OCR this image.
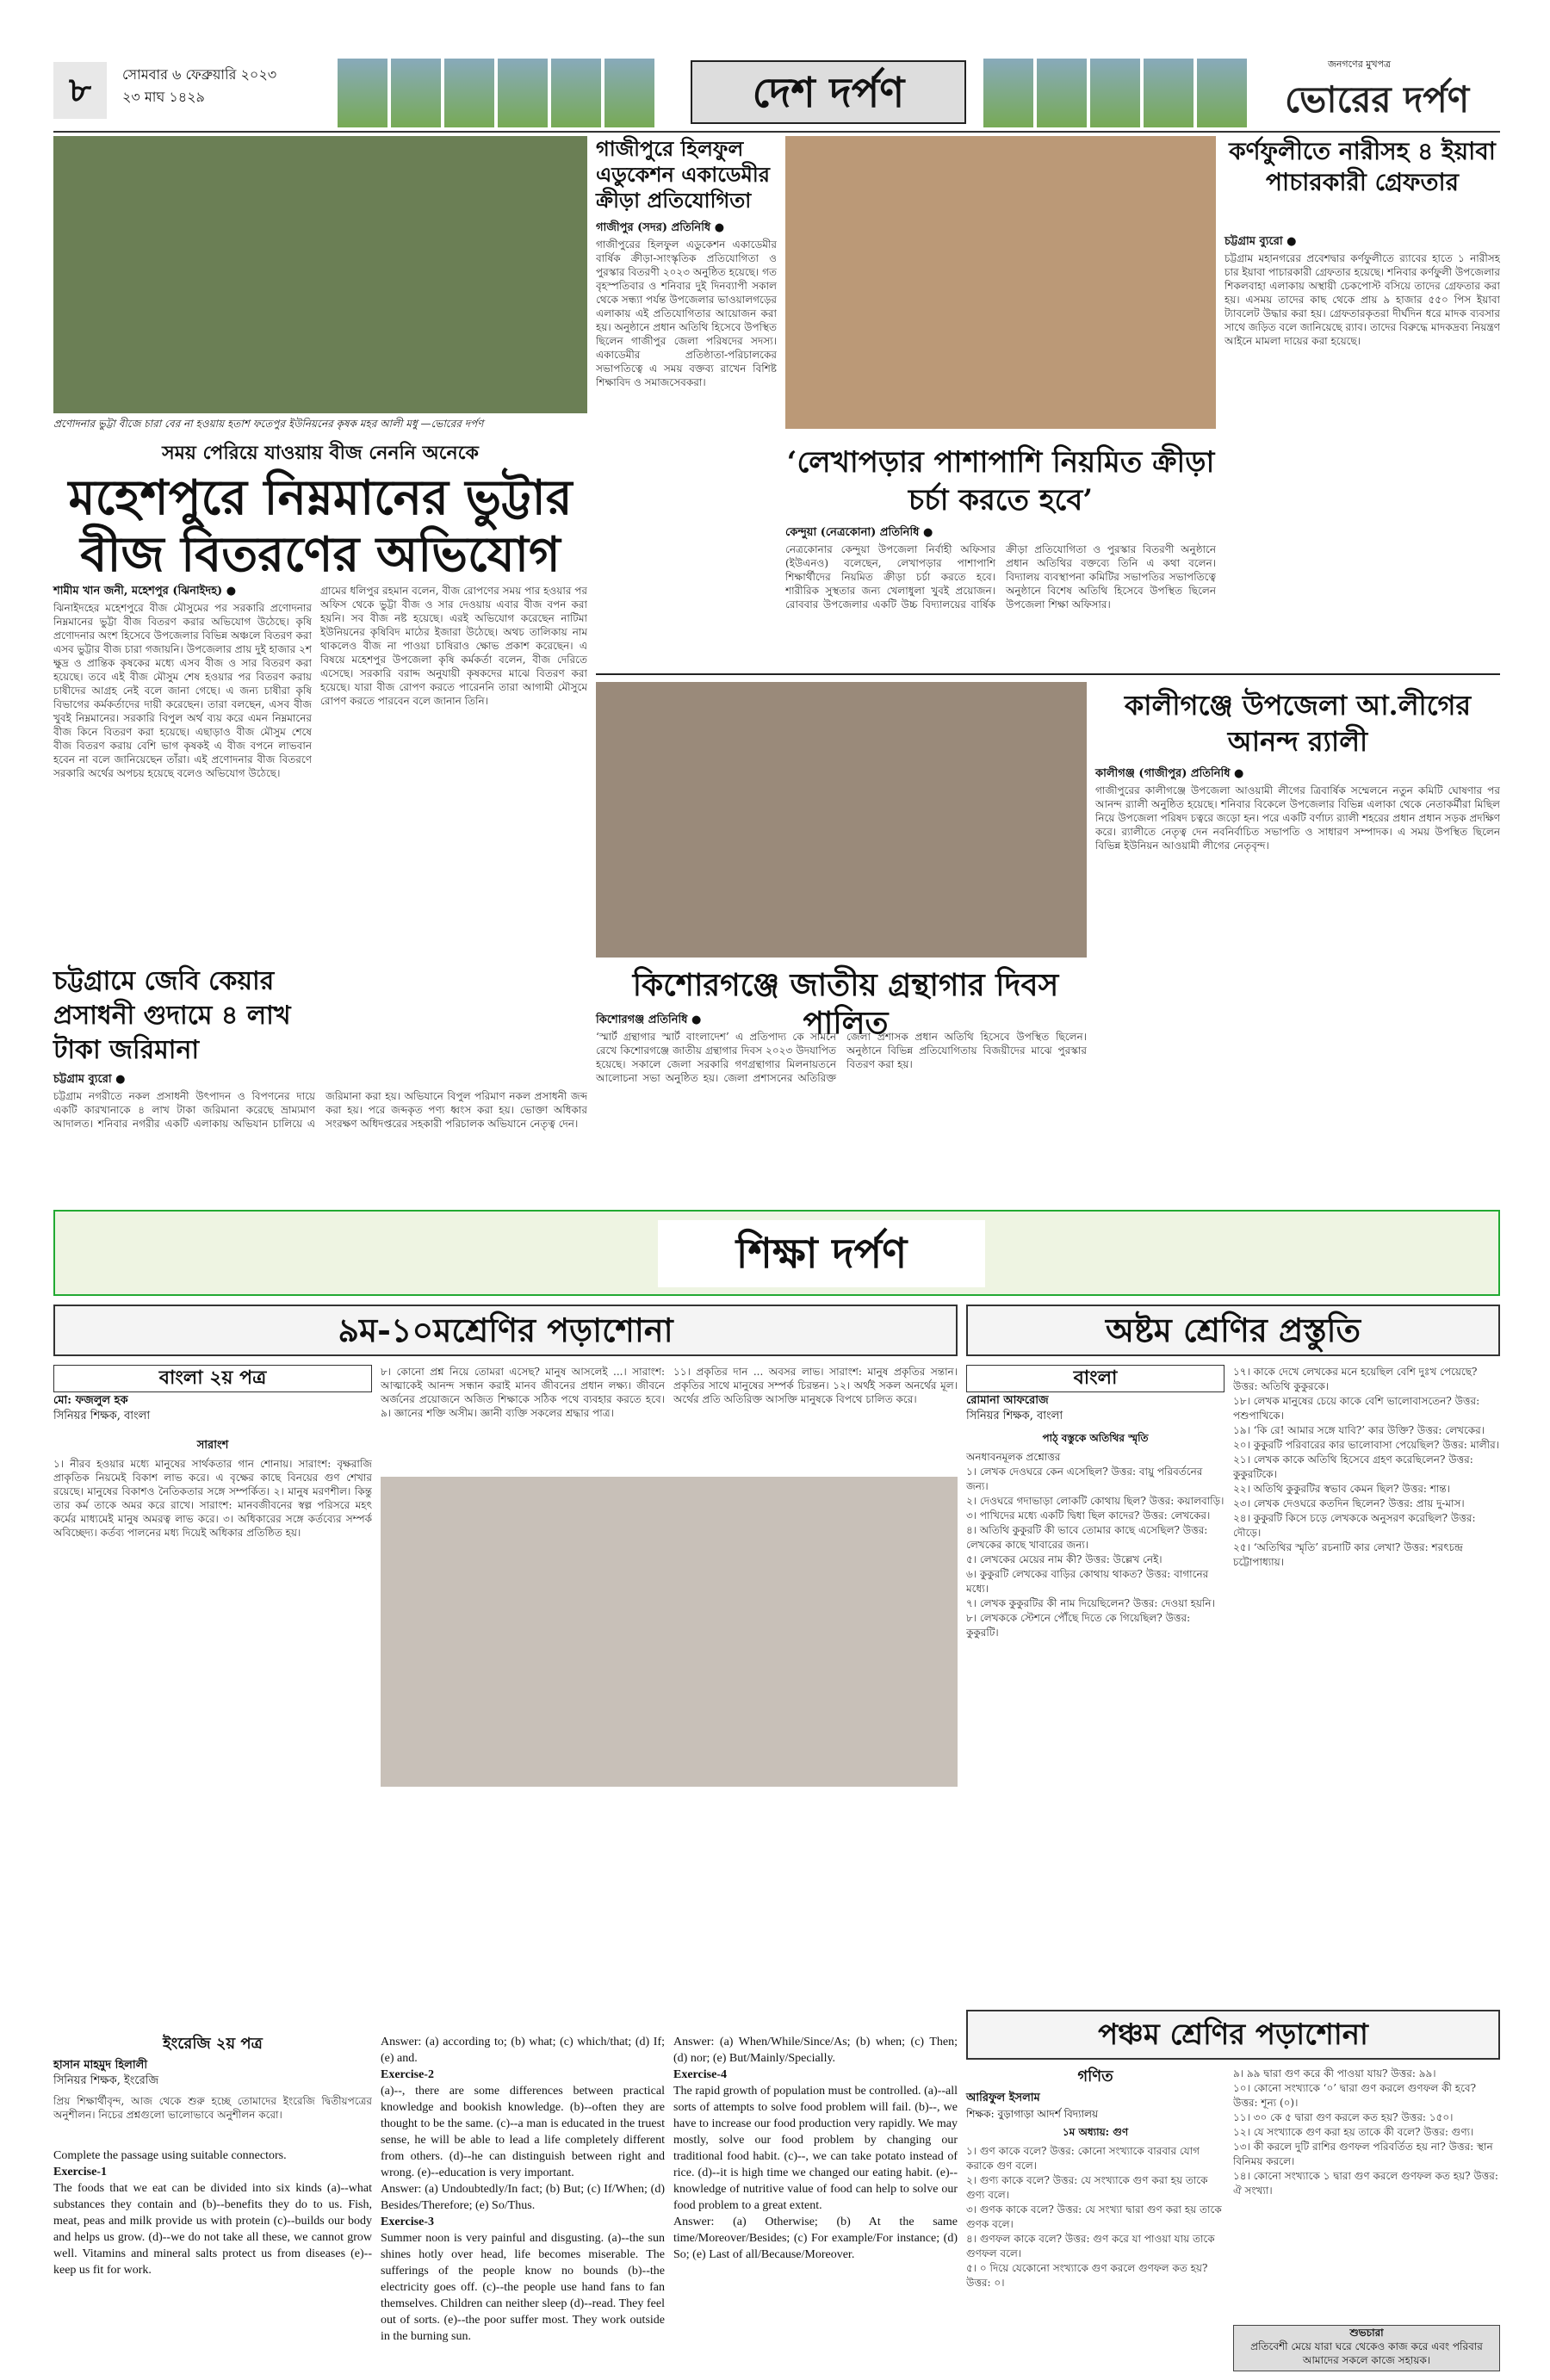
৮	সোমবার ৬ ফেব্রুয়ারি ২০২৩
২৩ মাঘ ১৪২৯	দেশ দর্পণ
জনগণের মুখপত্র
ভোরের দর্পণ
প্রণোদনার ভুট্টা বীজে চারা বের না হওয়ায় হতাশ ফতেপুর ইউনিয়নের কৃষক মহর আলী মধু —ভোরের দর্পণ
সময় পেরিয়ে যাওয়ায় বীজ নেননি অনেকে
মহেশপুরে নিম্নমানের ভুট্টার বীজ বিতরণের অভিযোগ
শামীম খান জনী, মহেশপুর (ঝিনাইদহ) ●
ঝিনাইদহের মহেশপুরে বীজ মৌসুমের পর সরকারি প্রণোদনার নিম্নমানের ভুট্টা বীজ বিতরণ করার অভিযোগ উঠেছে। কৃষি প্রণোদনার অংশ হিসেবে উপজেলার বিভিন্ন অঞ্চলে বিতরণ করা এসব ভুট্টার বীজ চারা গজায়নি। উপজেলার প্রায় দুই হাজার ২শ ক্ষুদ্র ও প্রান্তিক কৃষকের মধ্যে এসব বীজ ও সার বিতরণ করা হয়েছে। তবে এই বীজ মৌসুম শেষ হওয়ার পর বিতরণ করায় চাষীদের আগ্রহ নেই বলে জানা গেছে। এ জন্য চাষীরা কৃষি বিভাগের কর্মকর্তাদের দায়ী করেছেন। তারা বলছেন, এসব বীজ খুবই নিম্নমানের। সরকারি বিপুল অর্থ ব্যয় করে এমন নিম্নমানের বীজ কিনে বিতরণ করা হয়েছে। এছাড়াও বীজ মৌসুম শেষে বীজ বিতরণ করায় বেশি ভাগ কৃষকই এ বীজ বপনে লাভবান হবেন না বলে জানিয়েছেন তাঁরা। এই প্রণোদনার বীজ বিতরণে সরকারি অর্থের অপচয় হয়েছে বলেও অভিযোগ উঠেছে।
গ্রামের ধলিপুর রহমান বলেন, বীজ রোপণের সময় পার হওয়ার পর অফিস থেকে ভুট্টা বীজ ও সার দেওয়ায় এবার বীজ বপন করা হয়নি। সব বীজ নষ্ট হয়েছে। এরই অভিযোগ করেছেন নাটিমা ইউনিয়নের কৃষিবিদ মাঠের ইজারা উঠেছে। অথচ তালিকায় নাম থাকলেও বীজ না পাওয়া চাষিরাও ক্ষোভ প্রকাশ করেছেন। এ বিষয়ে মহেশপুর উপজেলা কৃষি কর্মকর্তা বলেন, বীজ দেরিতে এসেছে। সরকারি বরাদ্দ অনুযায়ী কৃষকদের মাঝে বিতরণ করা হয়েছে। যারা বীজ রোপণ করতে পারেননি তারা আগামী মৌসুমে রোপণ করতে পারবেন বলে জানান তিনি।
গাজীপুরে হিলফুল এডুকেশন একাডেমীর ক্রীড়া প্রতিযোগিতা
গাজীপুর (সদর) প্রতিনিধি ●
গাজীপুরের হিলফুল এডুকেশন একাডেমীর বার্ষিক ক্রীড়া-সাংস্কৃতিক প্রতিযোগিতা ও পুরস্কার বিতরণী ২০২৩ অনুষ্ঠিত হয়েছে। গত বৃহস্পতিবার ও শনিবার দুই দিনব্যাপী সকাল থেকে সন্ধ্যা পর্যন্ত উপজেলার ভাওয়ালগড়ের এলাকায় এই প্রতিযোগিতার আয়োজন করা হয়। অনুষ্ঠানে প্রধান অতিথি হিসেবে উপস্থিত ছিলেন গাজীপুর জেলা পরিষদের সদস্য। একাডেমীর প্রতিষ্ঠাতা-পরিচালকের সভাপতিত্বে এ সময় বক্তব্য রাখেন বিশিষ্ট শিক্ষাবিদ ও সমাজসেবকরা।
‘লেখাপড়ার পাশাপাশি নিয়মিত ক্রীড়া চর্চা করতে হবে’
কেন্দুয়া (নেত্রকোনা) প্রতিনিধি ●
নেত্রকোনার কেন্দুয়া উপজেলা নির্বাহী অফিসার (ইউএনও) বলেছেন, লেখাপড়ার পাশাপাশি শিক্ষার্থীদের নিয়মিত ক্রীড়া চর্চা করতে হবে। শারীরিক সুস্থতার জন্য খেলাধুলা খুবই প্রয়োজন। রোববার উপজেলার একটি উচ্চ বিদ্যালয়ের বার্ষিক ক্রীড়া প্রতিযোগিতা ও পুরস্কার বিতরণী অনুষ্ঠানে প্রধান অতিথির বক্তব্যে তিনি এ কথা বলেন। বিদ্যালয় ব্যবস্থাপনা কমিটির সভাপতির সভাপতিত্বে অনুষ্ঠানে বিশেষ অতিথি হিসেবে উপস্থিত ছিলেন উপজেলা শিক্ষা অফিসার।
কর্ণফুলীতে নারীসহ ৪ ইয়াবা পাচারকারী গ্রেফতার
চট্টগ্রাম ব্যুরো ●
চট্টগ্রাম মহানগরের প্রবেশদ্বার কর্ণফুলীতে র‌্যাবের হাতে ১ নারীসহ চার ইয়াবা পাচারকারী গ্রেফতার হয়েছে। শনিবার কর্ণফুলী উপজেলার শিকলবাহা এলাকায় অস্থায়ী চেকপোস্ট বসিয়ে তাদের গ্রেফতার করা হয়। এসময় তাদের কাছ থেকে প্রায় ৯ হাজার ৫৫০ পিস ইয়াবা ট্যাবলেট উদ্ধার করা হয়। গ্রেফতারকৃতরা দীর্ঘদিন ধরে মাদক ব্যবসার সাথে জড়িত বলে জানিয়েছে র‌্যাব। তাদের বিরুদ্ধে মাদকদ্রব্য নিয়ন্ত্রণ আইনে মামলা দায়ের করা হয়েছে।
কালীগঞ্জে উপজেলা আ.লীগের আনন্দ র‌্যালী
কালীগঞ্জ (গাজীপুর) প্রতিনিধি ●
গাজীপুরের কালীগঞ্জে উপজেলা আওয়ামী লীগের ত্রিবার্ষিক সম্মেলনে নতুন কমিটি ঘোষণার পর আনন্দ র‌্যালী অনুষ্ঠিত হয়েছে। শনিবার বিকেলে উপজেলার বিভিন্ন এলাকা থেকে নেতাকর্মীরা মিছিল নিয়ে উপজেলা পরিষদ চত্বরে জড়ো হন। পরে একটি বর্ণাঢ্য র‌্যালী শহরের প্রধান প্রধান সড়ক প্রদক্ষিণ করে। র‌্যালীতে নেতৃত্ব দেন নবনির্বাচিত সভাপতি ও সাধারণ সম্পাদক। এ সময় উপস্থিত ছিলেন বিভিন্ন ইউনিয়ন আওয়ামী লীগের নেতৃবৃন্দ।
চট্টগ্রামে জেবি কেয়ার প্রসাধনী গুদামে ৪ লাখ টাকা জরিমানা
চট্টগ্রাম ব্যুরো ●
চট্টগ্রাম নগরীতে নকল প্রসাধনী উৎপাদন ও বিপণনের দায়ে একটি কারখানাকে ৪ লাখ টাকা জরিমানা করেছে ভ্রাম্যমাণ আদালত। শনিবার নগরীর একটি এলাকায় অভিযান চালিয়ে এ জরিমানা করা হয়। অভিযানে বিপুল পরিমাণ নকল প্রসাধনী জব্দ করা হয়। পরে জব্দকৃত পণ্য ধ্বংস করা হয়। ভোক্তা অধিকার সংরক্ষণ অধিদপ্তরের সহকারী পরিচালক অভিযানে নেতৃত্ব দেন।
কিশোরগঞ্জে জাতীয় গ্রন্থাগার দিবস পালিত
কিশোরগঞ্জ প্রতিনিধি ●
‘স্মার্ট গ্রন্থাগার স্মার্ট বাংলাদেশ’ এ প্রতিপাদ্য কে সামনে রেখে কিশোরগঞ্জে জাতীয় গ্রন্থাগার দিবস ২০২৩ উদযাপিত হয়েছে। সকালে জেলা সরকারি গণগ্রন্থাগার মিলনায়তনে আলোচনা সভা অনুষ্ঠিত হয়। জেলা প্রশাসনের অতিরিক্ত জেলা প্রশাসক প্রধান অতিথি হিসেবে উপস্থিত ছিলেন। অনুষ্ঠানে বিভিন্ন প্রতিযোগিতায় বিজয়ীদের মাঝে পুরস্কার বিতরণ করা হয়।
শিক্ষা দর্পণ
৯ম-১০মশ্রেণির পড়াশোনা
বাংলা ২য় পত্র
মো: ফজলুল হক
সিনিয়র শিক্ষক, বাংলা
সারাংশ
১। নীরব হওয়ার মধ্যে মানুষের সার্থকতার গান শোনায়। সারাংশ: বৃক্ষরাজি প্রাকৃতিক নিয়মেই বিকাশ লাভ করে। এ বৃক্ষের কাছে বিনয়ের গুণ শেখার রয়েছে। মানুষের বিকাশও নৈতিকতার সঙ্গে সম্পর্কিত। ২। মানুষ মরণশীল। কিন্তু তার কর্ম তাকে অমর করে রাখে। সারাংশ: মানবজীবনের স্বল্প পরিসরে মহৎ কর্মের মাধ্যমেই মানুষ অমরত্ব লাভ করে। ৩। অধিকারের সঙ্গে কর্তব্যের সম্পর্ক অবিচ্ছেদ্য। কর্তব্য পালনের মধ্য দিয়েই অধিকার প্রতিষ্ঠিত হয়।
৮। কোনো প্রশ্ন নিয়ে তোমরা এসেছ? মানুষ আসলেই ...। সারাংশ: আত্মাকেই আনন্দ সন্ধান করাই মানব জীবনের প্রধান লক্ষ্য। জীবনে অর্জনের প্রয়োজনে অজিত শিক্ষাকে সঠিক পথে ব্যবহার করতে হবে। ৯। জ্ঞানের শক্তি অসীম। জ্ঞানী ব্যক্তি সকলের শ্রদ্ধার পাত্র।
১১। প্রকৃতির দান ... অবসর লাভ। সারাংশ: মানুষ প্রকৃতির সন্তান। প্রকৃতির সাথে মানুষের সম্পর্ক চিরন্তন। ১২। অর্থই সকল অনর্থের মূল। অর্থের প্রতি অতিরিক্ত আসক্তি মানুষকে বিপথে চালিত করে।
ইংরেজি ২য় পত্র
হাসান মাহমুদ হিলালী
সিনিয়র শিক্ষক, ইংরেজি
প্রিয় শিক্ষার্থীবৃন্দ, আজ থেকে শুরু হচ্ছে তোমাদের ইংরেজি দ্বিতীয়পত্রের অনুশীলন। নিচের প্রশ্নগুলো ভালোভাবে অনুশীলন করো।
Complete the passage using suitable connectors.
Exercise-1
The foods that we eat can be divided into six kinds (a)--what substances they contain and (b)--benefits they do to us. Fish, meat, peas and milk provide us with protein (c)--builds our body and helps us grow. (d)--we do not take all these, we cannot grow well. Vitamins and mineral salts protect us from diseases (e)--keep us fit for work.
Answer: (a) according to; (b) what; (c) which/that; (d) If; (e) and.
Exercise-2
(a)--, there are some differences between practical knowledge and bookish knowledge. (b)--often they are thought to be the same. (c)--a man is educated in the truest sense, he will be able to lead a life completely different from others. (d)--he can distinguish between right and wrong. (e)--education is very important.
Answer: (a) Undoubtedly/In fact; (b) But; (c) If/When; (d) Besides/Therefore; (e) So/Thus.
Exercise-3
Summer noon is very painful and disgusting. (a)--the sun shines hotly over head, life becomes miserable. The sufferings of the people know no bounds (b)--the electricity goes off. (c)--the people use hand fans to fan themselves. Children can neither sleep (d)--read. They feel out of sorts. (e)--the poor suffer most. They work outside in the burning sun.
Answer: (a) When/While/Since/As; (b) when; (c) Then; (d) nor; (e) But/Mainly/Specially.
Exercise-4
The rapid growth of population must be controlled. (a)--all sorts of attempts to solve food problem will fail. (b)--, we have to increase our food production very rapidly. We may mostly, solve our food problem by changing our traditional food habit. (c)--, we can take potato instead of rice. (d)--it is high time we changed our eating habit. (e)--knowledge of nutritive value of food can help to solve our food problem to a great extent.
Answer: (a) Otherwise; (b) At the same time/Moreover/Besides; (c) For example/For instance; (d) So; (e) Last of all/Because/Moreover.
অষ্টম শ্রেণির প্রস্তুতি
বাংলা
রোমানা আফরোজ
সিনিয়র শিক্ষক, বাংলা
পাঠ্ বস্তুকে অতিথির স্মৃতি
অনধাবনমূলক প্রশ্নোত্তর
১। লেখক দেওঘরে কেন এসেছিল? উত্তর: বায়ু পরিবর্তনের জন্য।
২। দেওঘরে গদাভাড়া লোকটি কোথায় ছিল? উত্তর: কয়ালবাড়ি।
৩। পাখিদের মধ্যে একটি দ্বিধা ছিল কাদের? উত্তর: লেখকের।
৪। অতিথি কুকুরটি কী ভাবে তোমার কাছে এসেছিল? উত্তর: লেখকের কাছে খাবারের জন্য।
৫। লেখকের মেয়ের নাম কী? উত্তর: উল্লেখ নেই।
৬। কুকুরটি লেখকের বাড়ির কোথায় থাকত? উত্তর: বাগানের মধ্যে।
৭। লেখক কুকুরটির কী নাম দিয়েছিলেন? উত্তর: দেওয়া হয়নি।
৮। লেখককে স্টেশনে পৌঁছে দিতে কে গিয়েছিল? উত্তর: কুকুরটি।
১৭। কাকে দেখে লেখকের মনে হয়েছিল বেশি দুঃখ পেয়েছে? উত্তর: অতিথি কুকুরকে।
১৮। লেখক মানুষের চেয়ে কাকে বেশি ভালোবাসতেন? উত্তর: পশুপাখিকে।
১৯। ‘কি রে! আমার সঙ্গে যাবি?’ কার উক্তি? উত্তর: লেখকের।
২০। কুকুরটি পরিবারের কার ভালোবাসা পেয়েছিল? উত্তর: মালীর।
২১। লেখক কাকে অতিথি হিসেবে গ্রহণ করেছিলেন? উত্তর: কুকুরটিকে।
২২। অতিথি কুকুরটির স্বভাব কেমন ছিল? উত্তর: শান্ত।
২৩। লেখক দেওঘরে কতদিন ছিলেন? উত্তর: প্রায় দু-মাস।
২৪। কুকুরটি কিসে চড়ে লেখককে অনুসরণ করেছিল? উত্তর: দৌড়ে।
২৫। ‘অতিথির স্মৃতি’ রচনাটি কার লেখা? উত্তর: শরৎচন্দ্র চট্টোপাধ্যায়।
পঞ্চম শ্রেণির পড়াশোনা
গণিত
আরিফুল ইসলাম
শিক্ষক: বুড়াগাড়া আদর্শ বিদ্যালয়
১ম অধ্যায়: গুণ
১। গুণ কাকে বলে? উত্তর: কোনো সংখ্যাকে বারবার যোগ করাকে গুণ বলে।
২। গুণ্য কাকে বলে? উত্তর: যে সংখ্যাকে গুণ করা হয় তাকে গুণ্য বলে।
৩। গুণক কাকে বলে? উত্তর: যে সংখ্যা দ্বারা গুণ করা হয় তাকে গুণক বলে।
৪। গুণফল কাকে বলে? উত্তর: গুণ করে যা পাওয়া যায় তাকে গুণফল বলে।
৫। ০ দিয়ে যেকোনো সংখ্যাকে গুণ করলে গুণফল কত হয়? উত্তর: ০।
৯। ৯৯ দ্বারা গুণ করে কী পাওয়া যায়? উত্তর: ৯৯।
১০। কোনো সংখ্যাকে ‘০’ দ্বারা গুণ করলে গুণফল কী হবে? উত্তর: শূন্য (০)।
১১। ৩০ কে ৫ দ্বারা গুণ করলে কত হয়? উত্তর: ১৫০।
১২। যে সংখ্যাকে গুণ করা হয় তাকে কী বলে? উত্তর: গুণ্য।
১৩। কী করলে দুটি রাশির গুণফল পরিবর্তিত হয় না? উত্তর: স্থান বিনিময় করলে।
১৪। কোনো সংখ্যাকে ১ দ্বারা গুণ করলে গুণফল কত হয়? উত্তর: ঐ সংখ্যা।
শুভচারা
প্রতিবেশী মেয়ে যারা ঘরে থেকেও কাজ করে এবং পরিবার আমাদের সকলে কাজে সহায়ক।
